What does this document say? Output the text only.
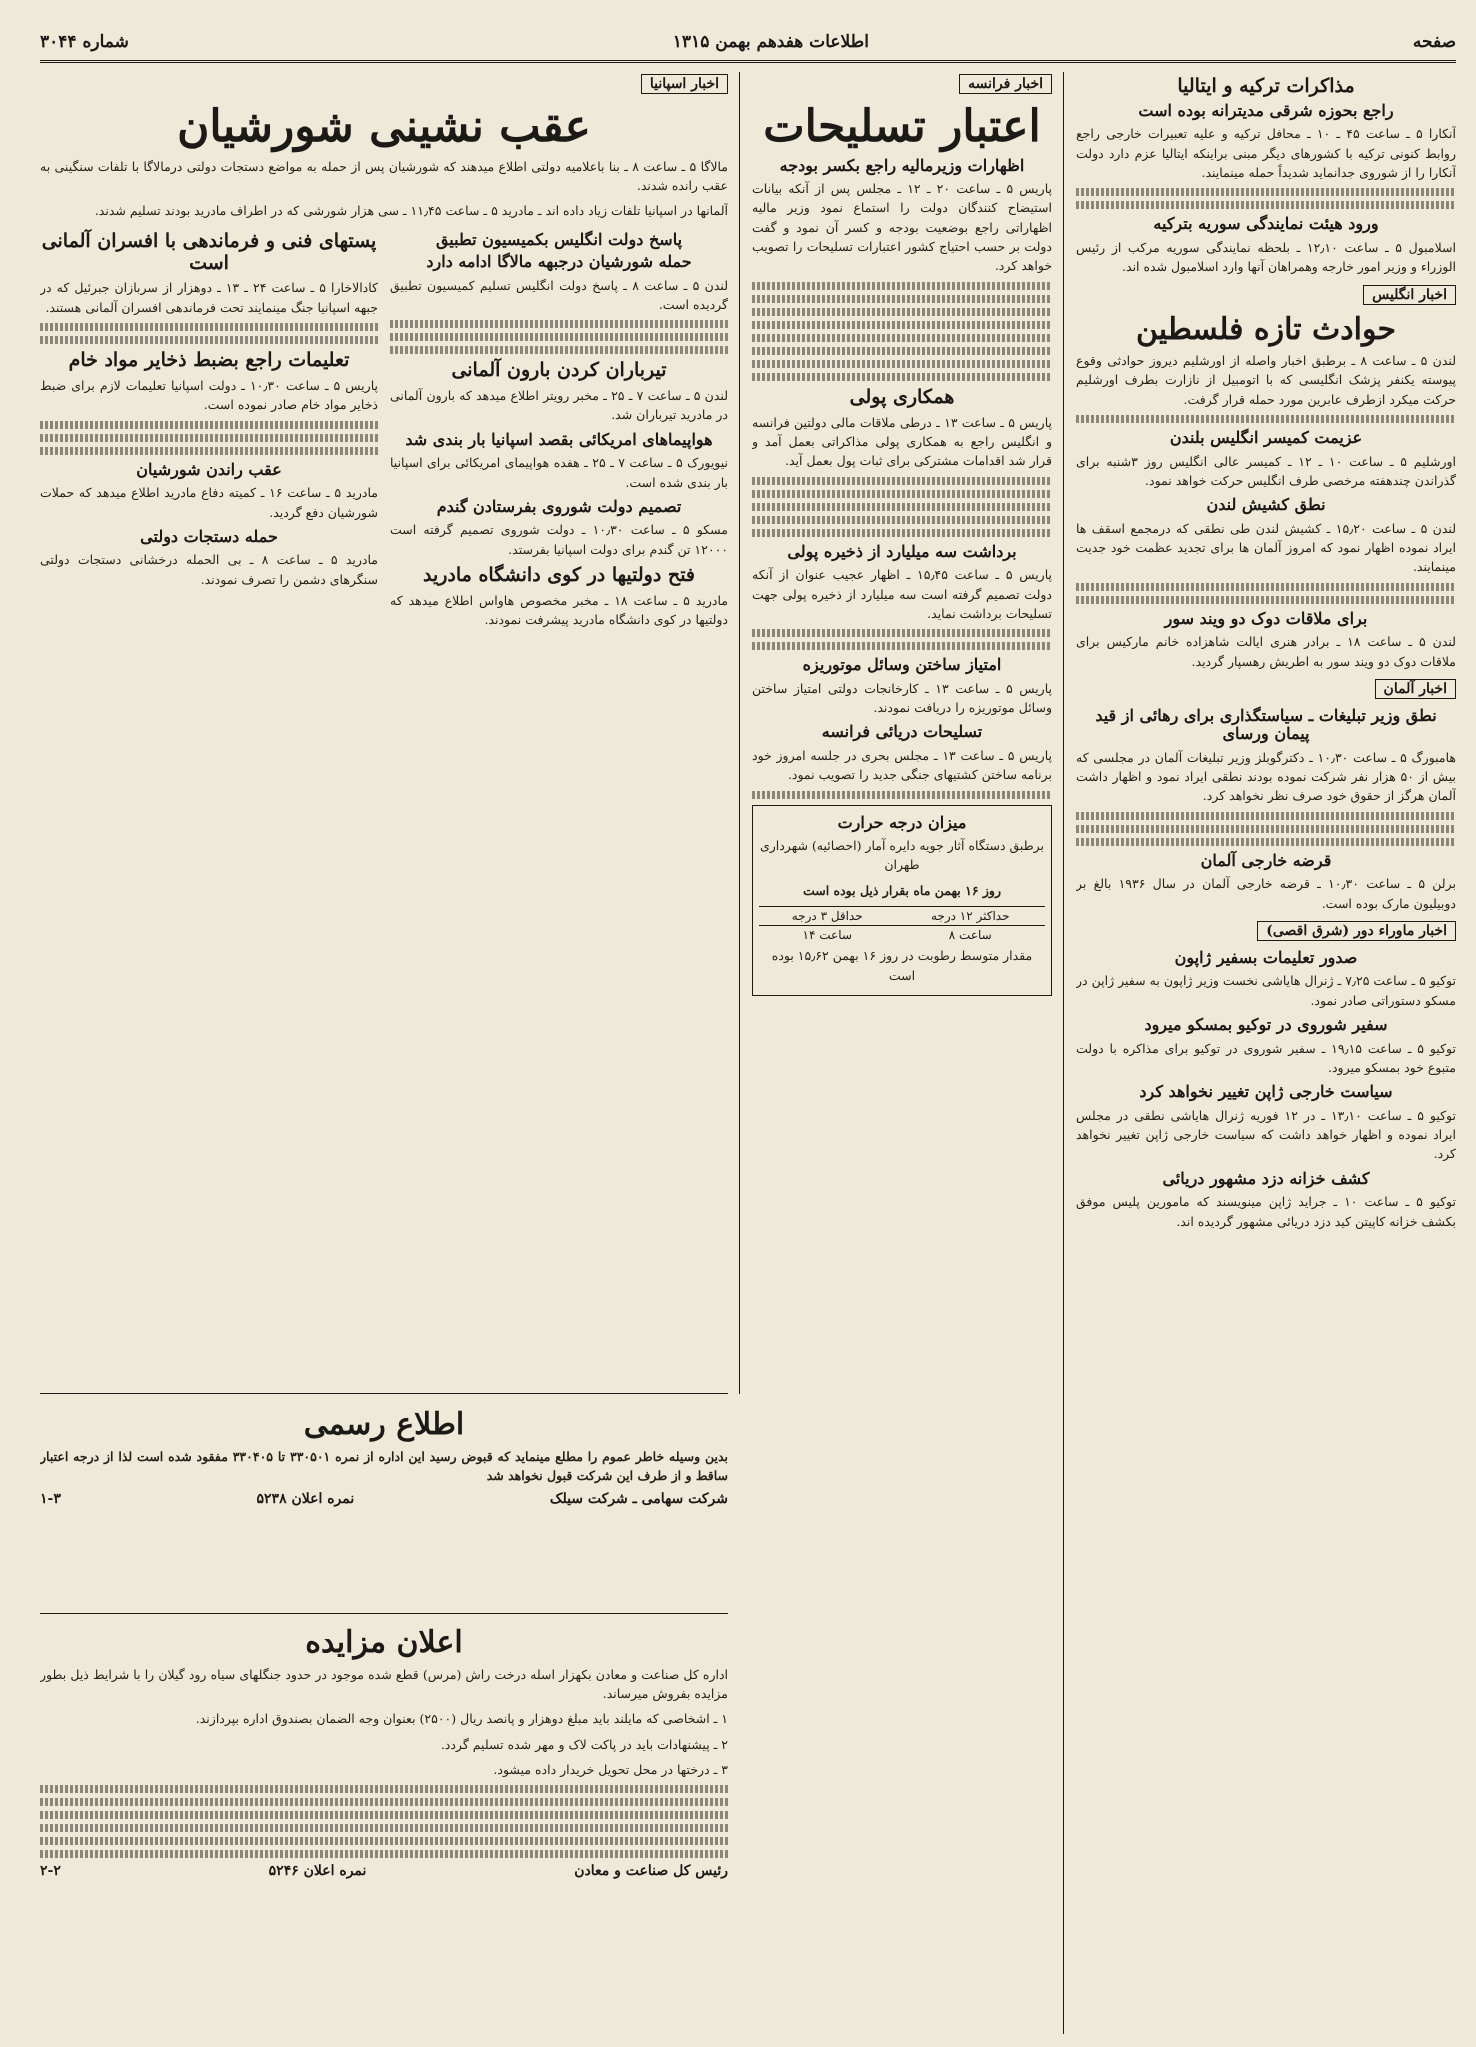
صفحه
اطلاعات هفدهم بهمن ۱۳۱۵
شماره ۳۰۴۴
مذاکرات ترکیه و ایتالیا
راجع بحوزه شرقی مدیترانه بوده است

آنکارا ۵ ـ ساعت ۴۵ ـ ۱۰ ـ محافل ترکیه و علیه تعبیرات خارجی راجع روابط کنونی ترکیه با کشورهای دیگر مبنی براینکه ایتالیا عزم دارد دولت آنکارا را از شوروی جدانماید شدیداً حمله مینمایند.

ورود هیئت نمایندگی سوریه بترکیه

اسلامبول ۵ ـ ساعت ۱۲٫۱۰ ـ بلحظه نمایندگی سوریه مرکب از رئیس الوزراء و وزیر امور خارجه وهمراهان آنها وارد اسلامبول شده اند.

اخبار انگلیس
حوادث تازه فلسطین

لندن ۵ ـ ساعت ۸ ـ برطبق اخبار واصله از اورشلیم دیروز حوادثی وقوع پیوسته یکنفر پزشک انگلیسی که با اتومبیل از نازارت بطرف اورشلیم حرکت میکرد ازطرف عابرین مورد حمله قرار گرفت.

عزیمت کمیسر انگلیس بلندن

اورشلیم ۵ ـ ساعت ۱۰ ـ ۱۲ ـ کمیسر عالی انگلیس روز ۳شنبه برای گذراندن چندهفته مرخصی طرف انگلیس حرکت خواهد نمود.

نطق کشیش لندن

لندن ۵ ـ ساعت ۱۵٫۲۰ ـ کشیش لندن طی نطقی که درمجمع اسقف ها ایراد نموده اظهار نمود که امروز آلمان ها برای تجدید عظمت خود جدیت مینمایند.

برای ملاقات دوک دو ویند سور

لندن ۵ ـ ساعت ۱۸ ـ برادر هنری ایالت شاهزاده خانم مارکیس برای ملاقات دوک دو ویند سور به اطریش رهسپار گردید.

اخبار آلمان
نطق وزیر تبلیغات ـ سیاستگذاری برای رهائی از قید پیمان ورسای

هامبورگ ۵ ـ ساعت ۱۰٫۳۰ ـ دکترگوبلز وزیر تبلیغات آلمان در مجلسی که بیش از ۵۰ هزار نفر شرکت نموده بودند نطقی ایراد نمود و اظهار داشت آلمان هرگز از حقوق خود صرف نظر نخواهد کرد.

قرضه خارجی آلمان

برلن ۵ ـ ساعت ۱۰٫۳۰ ـ قرضه خارجی آلمان در سال ۱۹۳۶ بالغ بر دوبیلیون مارک بوده است.

اخبار ماوراء دور (شرق اقصی)
صدور تعلیمات بسفیر ژاپون

توکیو ۵ ـ ساعت ۷٫۲۵ ـ ژنرال هایاشی نخست وزیر ژاپون به سفیر ژاپن در مسکو دستوراتی صادر نمود.

سفیر شوروی در توکیو بمسکو میرود

توکیو ۵ ـ ساعت ۱۹٫۱۵ ـ سفیر شوروی در توکیو برای مذاکره با دولت متبوع خود بمسکو میرود.

سیاست خارجی ژاپن تغییر نخواهد کرد

توکیو ۵ ـ ساعت ۱۳٫۱۰ ـ در ۱۲ فوریه ژنرال هایاشی نطقی در مجلس ایراد نموده و اظهار خواهد داشت که سیاست خارجی ژاپن تغییر نخواهد کرد.

کشف خزانه دزد مشهور دریائی

توکیو ۵ ـ ساعت ۱۰ ـ جراید ژاپن مینویسند که مامورین پلیس موفق بکشف خزانه کاپیتن کید دزد دریائی مشهور گردیده اند.

اخبار فرانسه
اعتبار تسلیحات
اظهارات وزیرمالیه راجع بکسر بودجه

پاریس ۵ ـ ساعت ۲۰ ـ ۱۲ ـ مجلس پس از آنکه بیانات استیضاح کنندگان دولت را استماع نمود وزیر مالیه اظهاراتی راجع بوضعیت بودجه و کسر آن نمود و گفت دولت بر حسب احتیاج کشور اعتبارات تسلیحات را تصویب خواهد کرد.

همکاری پولی

پاریس ۵ ـ ساعت ۱۳ ـ درطی ملاقات مالی دولتین فرانسه و انگلیس راجع به همکاری پولی مذاکراتی بعمل آمد و قرار شد اقدامات مشترکی برای ثبات پول بعمل آید.

برداشت سه میلیارد از ذخیره پولی

پاریس ۵ ـ ساعت ۱۵٫۴۵ ـ اظهار عجیب عنوان از آنکه دولت تصمیم گرفته است سه میلیارد از ذخیره پولی جهت تسلیحات برداشت نماید.

امتیاز ساختن وسائل موتوریزه

پاریس ۵ ـ ساعت ۱۳ ـ کارخانجات دولتی امتیاز ساختن وسائل موتوریزه را دریافت نمودند.

تسلیحات دریائی فرانسه

پاریس ۵ ـ ساعت ۱۳ ـ مجلس بحری در جلسه امروز خود برنامه ساختن کشتیهای جنگی جدید را تصویب نمود.

میزان درجه حرارت
برطبق دستگاه آثار جویه دایره آمار (احصائیه) شهرداری طهران
روز ۱۶ بهمن ماه بقرار ذیل بوده است
حداکثر ۱۲ درجه	حداقل ۳ درجه
ساعت ۸	ساعت ۱۴
مقدار متوسط رطوبت در روز ۱۶ بهمن ۱۵٫۶۲ بوده است
اخبار اسپانیا
عقب نشینی شورشیان

مالاگا ۵ ـ ساعت ۸ ـ بنا باعلامیه دولتی اطلاع میدهند که شورشیان پس از حمله به مواضع دستجات دولتی درمالاگا با تلفات سنگینی به عقب رانده شدند.

آلمانها در اسپانیا تلفات زیاد داده اند ـ مادرید ۵ ـ ساعت ۱۱٫۴۵ ـ سی هزار شورشی که در اطراف مادرید بودند تسلیم شدند.

پاسخ دولت انگلیس بکمیسیون تطبیق
حمله شورشیان درجبهه مالاگا ادامه دارد

لندن ۵ ـ ساعت ۸ ـ پاسخ دولت انگلیس تسلیم کمیسیون تطبیق گردیده است.

تیرباران کردن بارون آلمانی

لندن ۵ ـ ساعت ۷ ـ ۲۵ ـ مخبر رویتر اطلاع میدهد که بارون آلمانی در مادرید تیرباران شد.

هواپیماهای امریکائی بقصد اسپانیا بار بندی شد

نیویورک ۵ ـ ساعت ۷ ـ ۲۵ ـ هفده هواپیمای امریکائی برای اسپانیا بار بندی شده است.

تصمیم دولت شوروی بفرستادن گندم

مسکو ۵ ـ ساعت ۱۰٫۳۰ ـ دولت شوروی تصمیم گرفته است ۱۲۰۰۰ تن گندم برای دولت اسپانیا بفرستد.

فتح دولتیها در کوی دانشگاه مادرید

مادرید ۵ ـ ساعت ۱۸ ـ مخبر مخصوص هاواس اطلاع میدهد که دولتیها در کوی دانشگاه مادرید پیشرفت نمودند.

پستهای فنی و فرماندهی با افسران آلمانی است

کادالاخارا ۵ ـ ساعت ۲۴ ـ ۱۳ ـ دوهزار از سربازان جبرئیل که در جبهه اسپانیا جنگ مینمایند تحت فرماندهی افسران آلمانی هستند.

تعلیمات راجع بضبط ذخایر مواد خام

پاریس ۵ ـ ساعت ۱۰٫۳۰ ـ دولت اسپانیا تعلیمات لازم برای ضبط ذخایر مواد خام صادر نموده است.

عقب راندن شورشیان

مادرید ۵ ـ ساعت ۱۶ ـ کمیته دفاع مادرید اطلاع میدهد که حملات شورشیان دفع گردید.

حمله دستجات دولتی

مادرید ۵ ـ ساعت ۸ ـ بی الحمله درخشانی دستجات دولتی سنگرهای دشمن را تصرف نمودند.

اطلاع رسمی

بدین وسیله خاطر عموم را مطلع مینماید که قبوض رسید این اداره از نمره ۳۳۰۵۰۱ تا ۳۳۰۴۰۵ مفقود شده است لذا از درجه اعتبار ساقط و از طرف این شرکت قبول نخواهد شد

شرکت سهامی ـ شرکت سیلک
نمره اعلان ۵۲۳۸
۱-۳
اعلان مزایده

اداره کل صناعت و معادن بکهزار اسله درخت راش (مرس) قطع شده موجود در حدود جنگلهای سیاه رود گیلان را با شرایط ذیل بطور مزایده بفروش میرساند.

۱ ـ اشخاصی که مایلند باید مبلغ دوهزار و پانصد ریال (۲۵۰۰) بعنوان وجه الضمان بصندوق اداره بپردازند.

۲ ـ پیشنهادات باید در پاکت لاک و مهر شده تسلیم گردد.

۳ ـ درختها در محل تحویل خریدار داده میشود.

رئیس کل صناعت و معادن
نمره اعلان ۵۲۴۶
۲-۲
